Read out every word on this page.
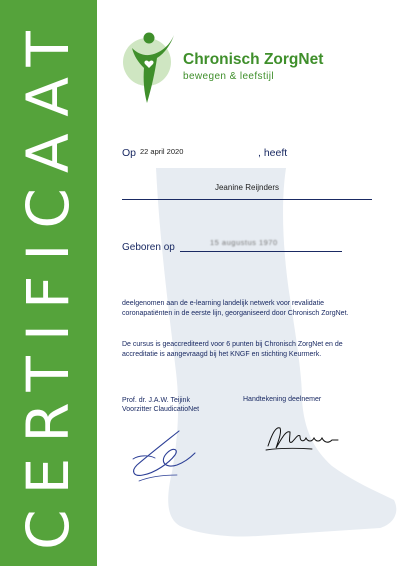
CERTIFICAAT	Chronisch ZorgNet
bewegen & leefstijl
Op 22 april 2020	, heeft
Jeanine Reijnders
Geboren op	15 augustus 1970
deelgenomen aan de e-learning landelijk netwerk voor revalidatie coronapatiënten in de eerste lijn, georganiseerd door Chronisch ZorgNet.
De cursus is geaccrediteerd voor 6 punten bij Chronisch ZorgNet en de accreditatie is aangevraagd bij het KNGF en stichting Keurmerk.
Prof. dr. J.A.W. Teijink
Voorzitter ClaudicatioNet
Handtekening deelnemer
